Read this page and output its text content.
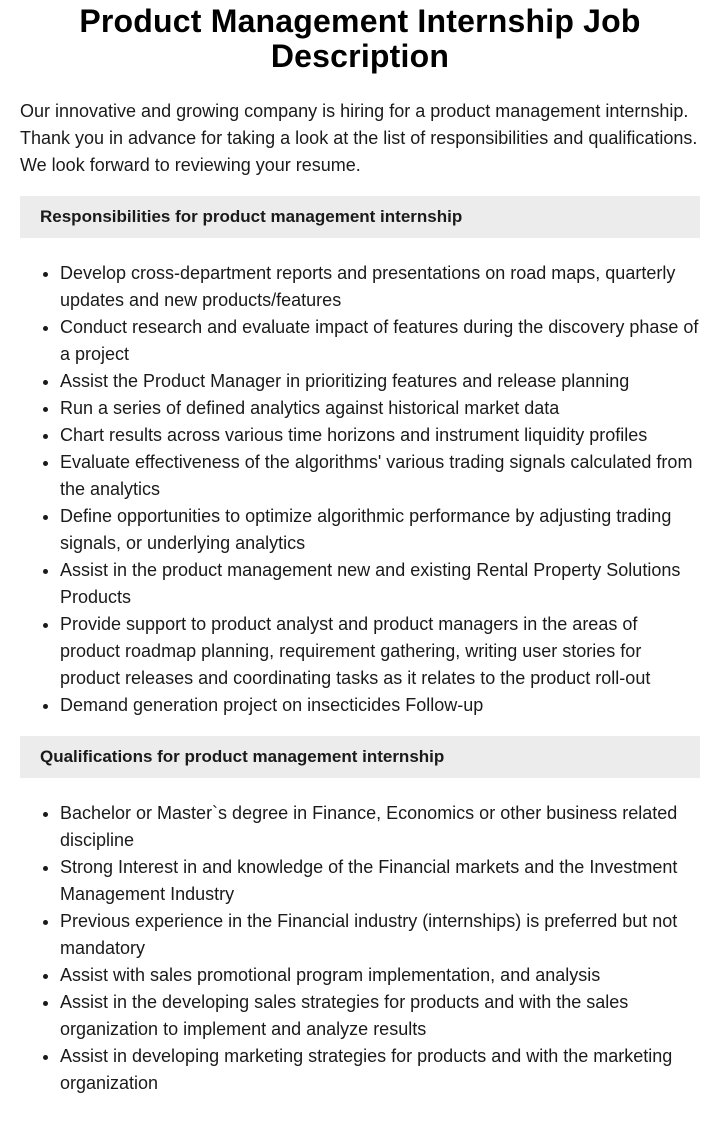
Product Management Internship Job Description

Our innovative and growing company is hiring for a product management internship. Thank you in advance for taking a look at the list of responsibilities and qualifications. We look forward to reviewing your resume.

Responsibilities for product management internship
• Develop cross-department reports and presentations on road maps, quarterly updates and new products/features
• Conduct research and evaluate impact of features during the discovery phase of a project
• Assist the Product Manager in prioritizing features and release planning
• Run a series of defined analytics against historical market data
• Chart results across various time horizons and instrument liquidity profiles
• Evaluate effectiveness of the algorithms' various trading signals calculated from the analytics
• Define opportunities to optimize algorithmic performance by adjusting trading signals, or underlying analytics
• Assist in the product management new and existing Rental Property Solutions Products
• Provide support to product analyst and product managers in the areas of product roadmap planning, requirement gathering, writing user stories for product releases and coordinating tasks as it relates to the product roll-out
• Demand generation project on insecticides Follow-up
Qualifications for product management internship
• Bachelor or Master`s degree in Finance, Economics or other business related discipline
• Strong Interest in and knowledge of the Financial markets and the Investment Management Industry
• Previous experience in the Financial industry (internships) is preferred but not mandatory
• Assist with sales promotional program implementation, and analysis
• Assist in the developing sales strategies for products and with the sales organization to implement and analyze results
• Assist in developing marketing strategies for products and with the marketing organization
